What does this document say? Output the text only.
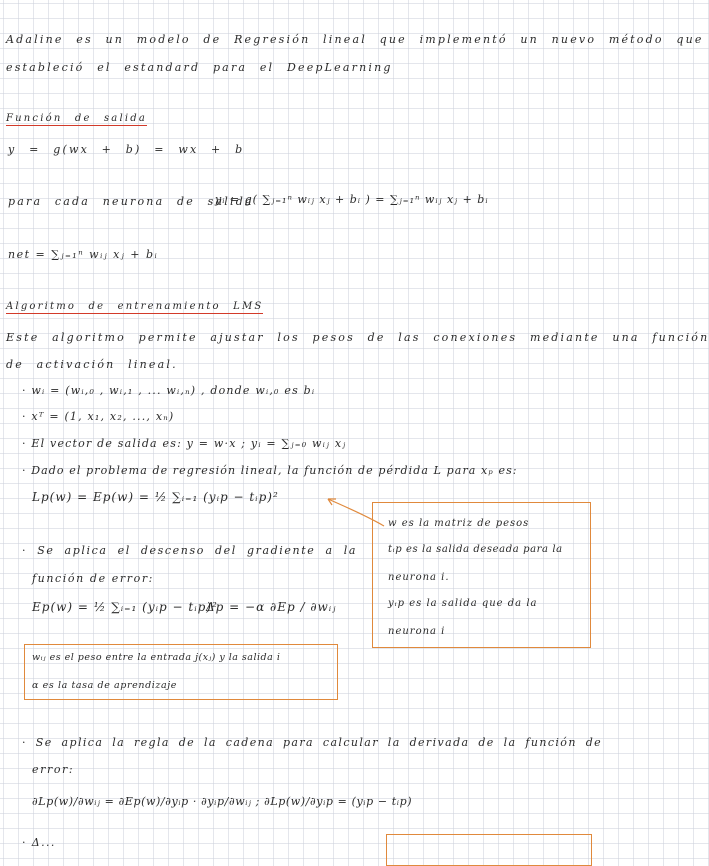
Adaline es un modelo de Regresión lineal que implementó un nuevo método que
estableció el estandard para el DeepLearning
Función de salida
y = g(wx + b) = wx + b
para cada neurona de salida
yᵢ = g( ∑ⱼ₌₁ⁿ wᵢⱼ xⱼ + bᵢ ) = ∑ⱼ₌₁ⁿ wᵢⱼ xⱼ + bᵢ
net = ∑ⱼ₌₁ⁿ wᵢⱼ xⱼ + bᵢ
Algoritmo de entrenamiento LMS
Este algoritmo permite ajustar los pesos de las conexiones mediante una función
de activación lineal.
· wᵢ = (wᵢ,₀ , wᵢ,₁ , ... wᵢ,ₙ) , donde wᵢ,₀ es bᵢ
· xᵀ = (1, x₁, x₂, ..., xₙ)
· El vector de salida es: y = w·x ; yᵢ = ∑ⱼ₌₀ wᵢⱼ xⱼ
· Dado el problema de regresión lineal, la función de pérdida L para xₚ es:
Lp(w) = Ep(w) = ½ ∑ᵢ₌₁ (yᵢp − tᵢp)²
w es la matriz de pesos
tᵢp es la salida deseada para la
neurona i.
yᵢp es la salida que da la
neurona i
· Se aplica el descenso del gradiente a la
función de error:
Ep(w) = ½ ∑ᵢ₌₁ (yᵢp − tᵢp)²
Δp = −α ∂Ep / ∂wᵢⱼ
wᵢⱼ es el peso entre la entrada j(xⱼ) y la salida i
α es la tasa de aprendizaje
· Se aplica la regla de la cadena para calcular la derivada de la función de
error:
∂Lp(w)/∂wᵢⱼ = ∂Ep(w)/∂yᵢp · ∂yᵢp/∂wᵢⱼ ; ∂Lp(w)/∂yᵢp = (yᵢp − tᵢp)
· Δ...
